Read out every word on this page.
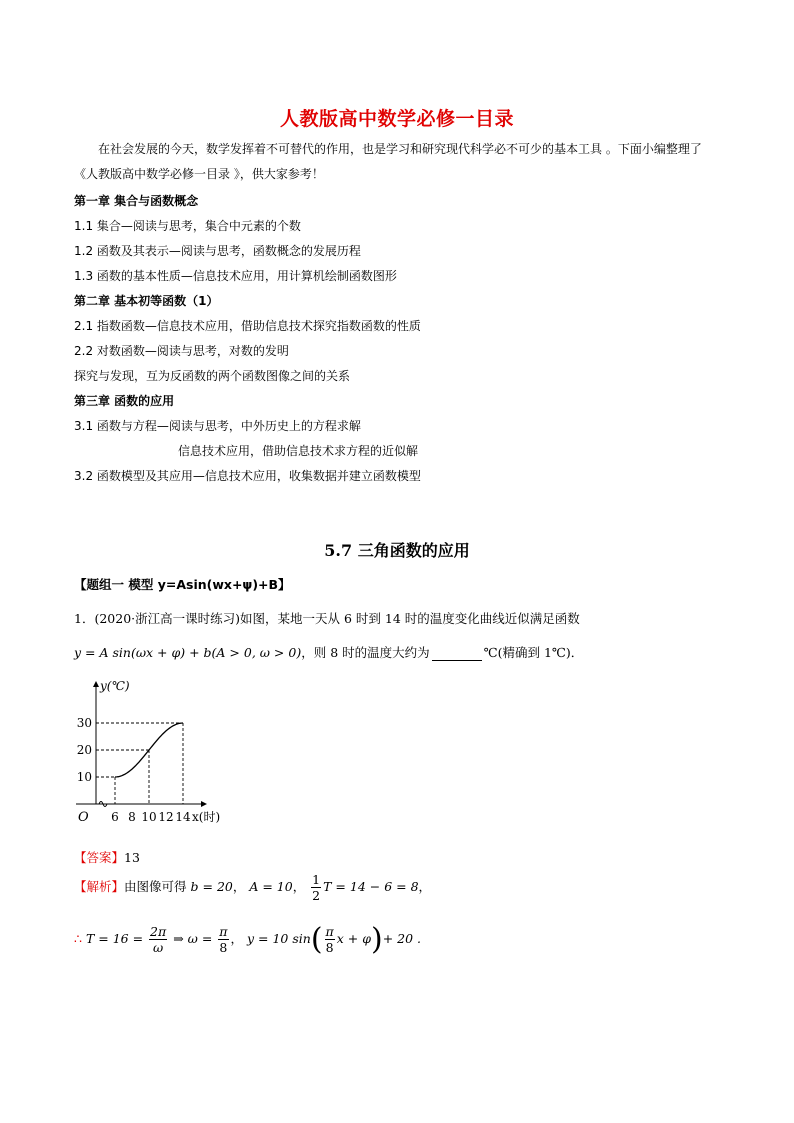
人教版高中数学必修一目录
在社会发展的今天，数学发挥着不可替代的作用，也是学习和研究现代科学必不可少的基本工具 。下面小编整理了《人教版高中数学必修一目录 》，供大家参考！
第一章 集合与函数概念
1.1 集合—阅读与思考，集合中元素的个数
1.2 函数及其表示—阅读与思考，函数概念的发展历程
1.3 函数的基本性质—信息技术应用，用计算机绘制函数图形
第二章 基本初等函数（1）
2.1 指数函数—信息技术应用，借助信息技术探究指数函数的性质
2.2 对数函数—阅读与思考，对数的发明
探究与发现，互为反函数的两个函数图像之间的关系
第三章 函数的应用
3.1 函数与方程—阅读与思考，中外历史上的方程求解
信息技术应用，借助信息技术求方程的近似解
3.2 函数模型及其应用—信息技术应用，收集数据并建立函数模型
5.7 三角函数的应用
【题组一 模型 y=Asin(wx+ψ)+B】
1．(2020·浙江高一课时练习)如图，某地一天从 6 时到 14 时的温度变化曲线近似满足函数
y = A sin(ωx + φ) + b(A > 0, ω > 0)，则 8 时的温度大约为	℃(精确到 1℃)．
6 8 10 12 14
10
20
30
y(℃)
x(时)
O
【答案】13
【解析】由图像可得 b = 20， A = 10， $\frac{1}{2}$ T = 14 − 6 = 8，
∴ $T = 16 = \frac{2\pi}{\omega}$ ⇒ $\omega = \frac{\pi}{8}$ ， y = 10 $\sin( \frac{\pi}{8}$ x + φ)+ 20 .
